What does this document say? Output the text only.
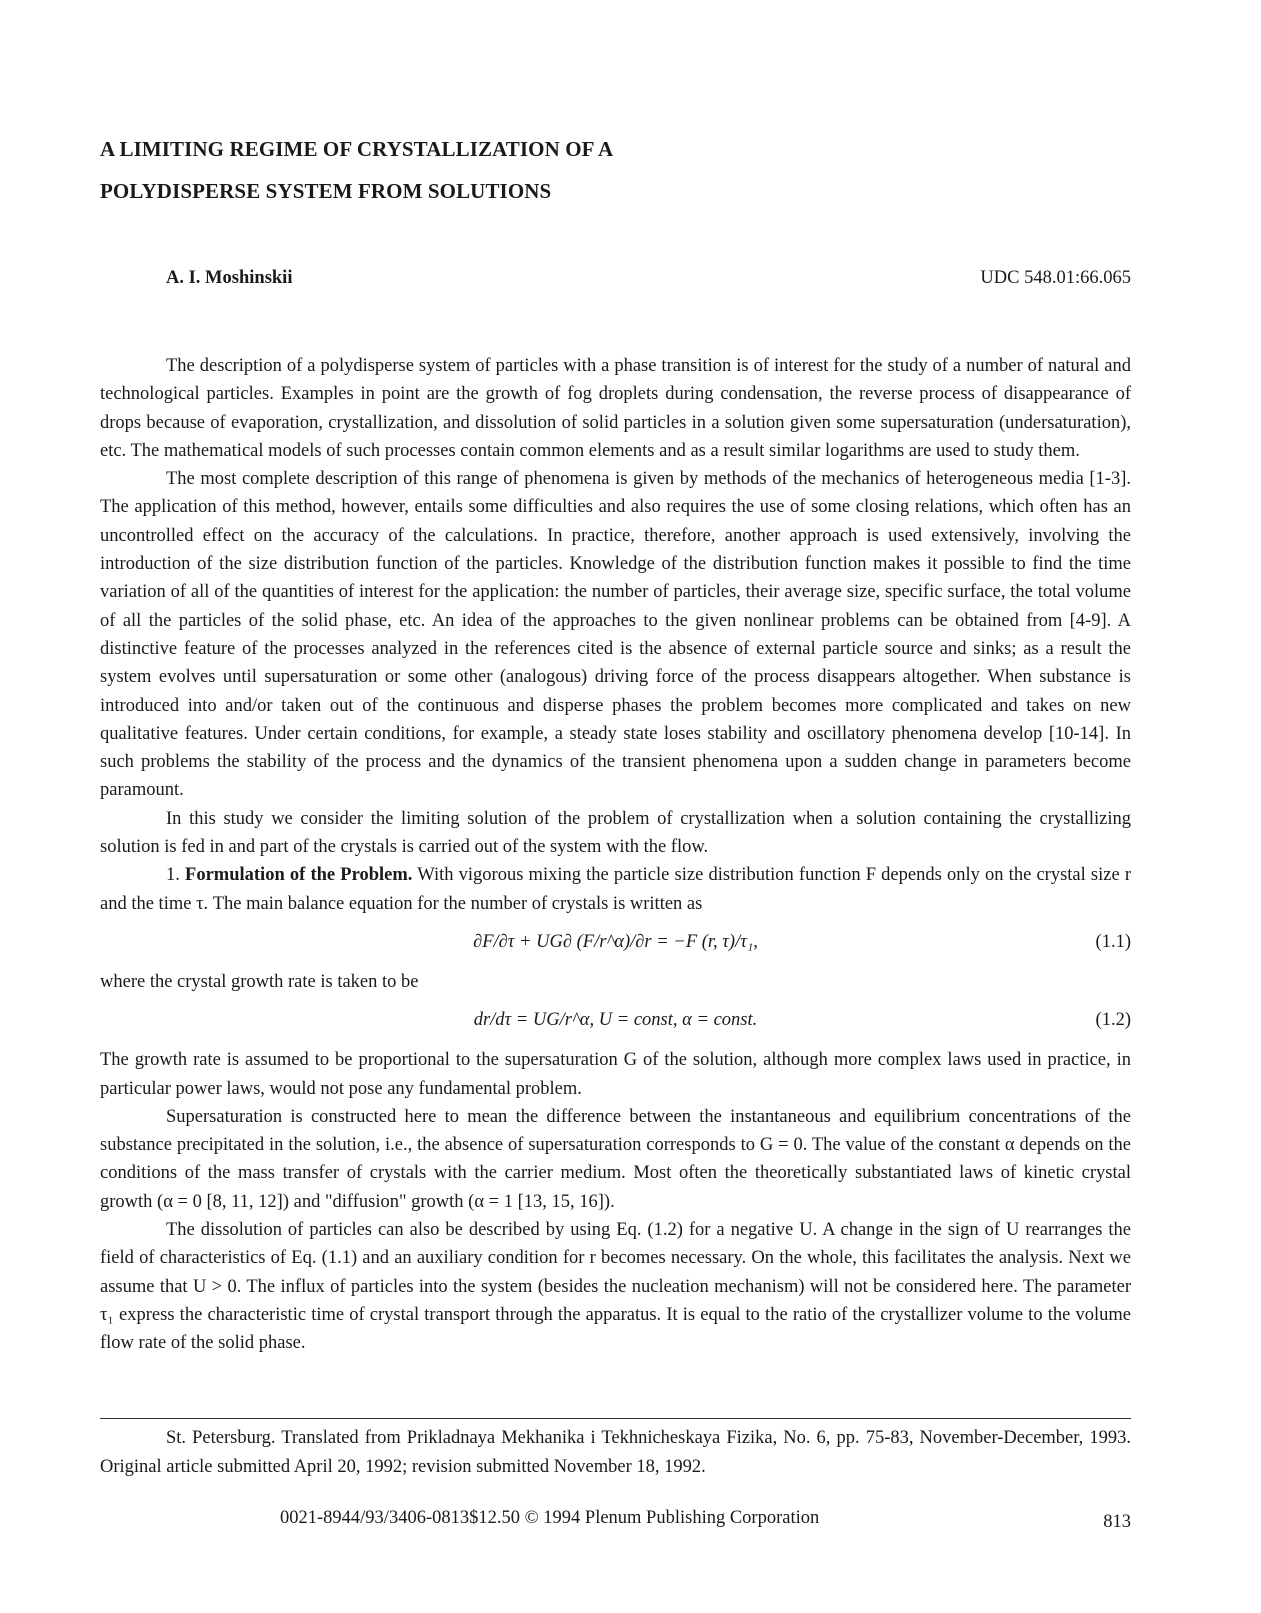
A LIMITING REGIME OF CRYSTALLIZATION OF A
POLYDISPERSE SYSTEM FROM SOLUTIONS

A. I. Moshinskii	UDC 548.01:66.065

The description of a polydisperse system of particles with a phase transition is of interest for the study of a number of natural and technological particles. Examples in point are the growth of fog droplets during condensation, the reverse process of disappearance of drops because of evaporation, crystallization, and dissolution of solid particles in a solution given some supersaturation (undersaturation), etc. The mathematical models of such processes contain common elements and as a result similar logarithms are used to study them.

The most complete description of this range of phenomena is given by methods of the mechanics of heterogeneous media [1-3]. The application of this method, however, entails some difficulties and also requires the use of some closing relations, which often has an uncontrolled effect on the accuracy of the calculations. In practice, therefore, another approach is used extensively, involving the introduction of the size distribution function of the particles. Knowledge of the distribution function makes it possible to find the time variation of all of the quantities of interest for the application: the number of particles, their average size, specific surface, the total volume of all the particles of the solid phase, etc. An idea of the approaches to the given nonlinear problems can be obtained from [4-9]. A distinctive feature of the processes analyzed in the references cited is the absence of external particle source and sinks; as a result the system evolves until supersaturation or some other (analogous) driving force of the process disappears altogether. When substance is introduced into and/or taken out of the continuous and disperse phases the problem becomes more complicated and takes on new qualitative features. Under certain conditions, for example, a steady state loses stability and oscillatory phenomena develop [10-14]. In such problems the stability of the process and the dynamics of the transient phenomena upon a sudden change in parameters become paramount.

In this study we consider the limiting solution of the problem of crystallization when a solution containing the crystallizing solution is fed in and part of the crystals is carried out of the system with the flow.

1. Formulation of the Problem. With vigorous mixing the particle size distribution function F depends only on the crystal size r and the time τ. The main balance equation for the number of crystals is written as

∂F/∂τ + UG∂ (F/r^α)/∂r = −F (r, τ)/τ₁,	(1.1)

where the crystal growth rate is taken to be

dr/dτ = UG/r^α, U = const, α = const.	(1.2)

The growth rate is assumed to be proportional to the supersaturation G of the solution, although more complex laws used in practice, in particular power laws, would not pose any fundamental problem.

Supersaturation is constructed here to mean the difference between the instantaneous and equilibrium concentrations of the substance precipitated in the solution, i.e., the absence of supersaturation corresponds to G = 0. The value of the constant α depends on the conditions of the mass transfer of crystals with the carrier medium. Most often the theoretically substantiated laws of kinetic crystal growth (α = 0 [8, 11, 12]) and "diffusion" growth (α = 1 [13, 15, 16]).

The dissolution of particles can also be described by using Eq. (1.2) for a negative U. A change in the sign of U rearranges the field of characteristics of Eq. (1.1) and an auxiliary condition for r becomes necessary. On the whole, this facilitates the analysis. Next we assume that U > 0. The influx of particles into the system (besides the nucleation mechanism) will not be considered here. The parameter τ₁ express the characteristic time of crystal transport through the apparatus. It is equal to the ratio of the crystallizer volume to the volume flow rate of the solid phase.

St. Petersburg. Translated from Prikladnaya Mekhanika i Tekhnicheskaya Fizika, No. 6, pp. 75-83, November-December, 1993. Original article submitted April 20, 1992; revision submitted November 18, 1992.

0021-8944/93/3406-0813$12.50 © 1994 Plenum Publishing Corporation	813
